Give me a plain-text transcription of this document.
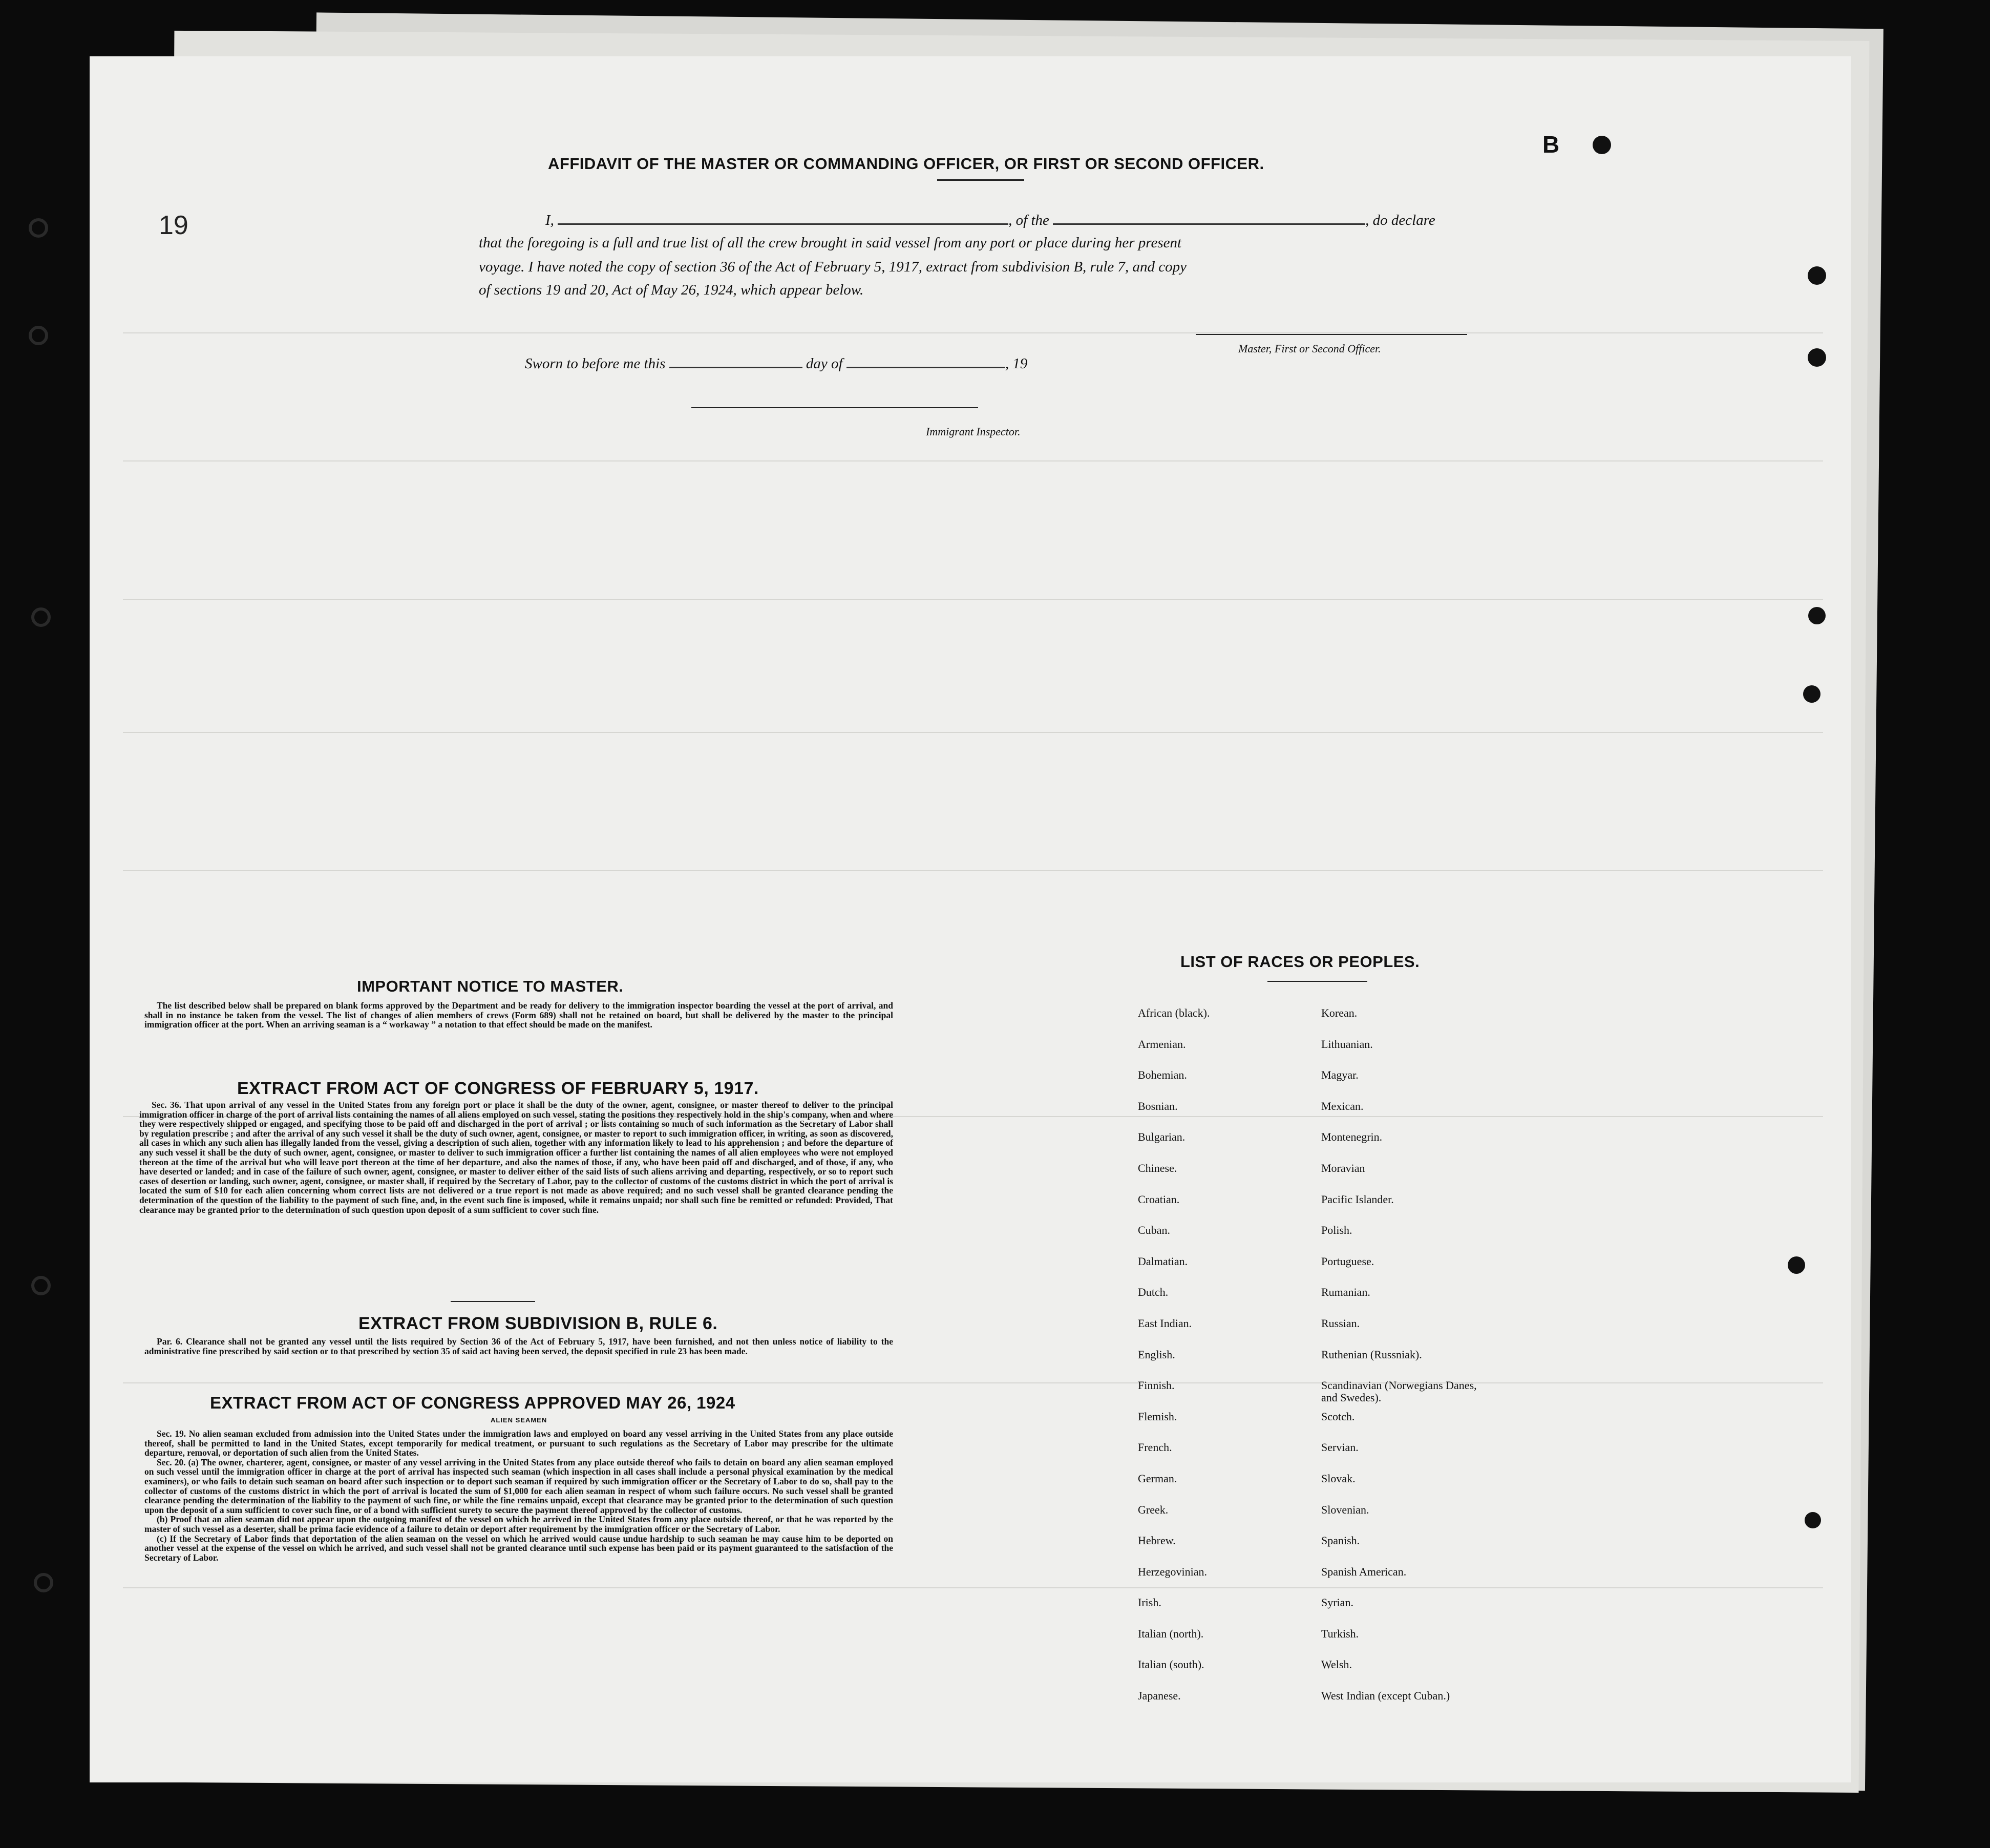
B
19
AFFIDAVIT OF THE MASTER OR COMMANDING OFFICER, OR FIRST OR SECOND OFFICER.
I,	, of the	, do declare
that the foregoing is a full and true list of all the crew brought in said vessel from any port or place during her present
voyage. I have noted the copy of section 36 of the Act of February 5, 1917, extract from subdivision B, rule 7, and copy
of sections 19 and 20, Act of May 26, 1924, which appear below.
Master, First or Second Officer.
Sworn to before me this	day of	, 19
Immigrant Inspector.
IMPORTANT NOTICE TO MASTER.

The list described below shall be prepared on blank forms approved by the Department and be ready for delivery to the immigration inspector boarding the vessel at the port of arrival, and shall in no instance be taken from the vessel. The list of changes of alien members of crews (Form 689) shall not be retained on board, but shall be delivered by the master to the principal immigration officer at the port. When an arriving seaman is a “ workaway ” a notation to that effect should be made on the manifest.

EXTRACT FROM ACT OF CONGRESS OF FEBRUARY 5, 1917.

Sec. 36. That upon arrival of any vessel in the United States from any foreign port or place it shall be the duty of the owner, agent, consignee, or master thereof to deliver to the principal immigration officer in charge of the port of arrival lists containing the names of all aliens employed on such vessel, stating the positions they respectively hold in the ship's company, when and where they were respectively shipped or engaged, and specifying those to be paid off and discharged in the port of arrival ; or lists containing so much of such information as the Secretary of Labor shall by regulation prescribe ; and after the arrival of any such vessel it shall be the duty of such owner, agent, consignee, or master to report to such immigration officer, in writing, as soon as discovered, all cases in which any such alien has illegally landed from the vessel, giving a description of such alien, together with any information likely to lead to his apprehension ; and before the departure of any such vessel it shall be the duty of such owner, agent, consignee, or master to deliver to such immigration officer a further list containing the names of all alien employees who were not employed thereon at the time of the arrival but who will leave port thereon at the time of her departure, and also the names of those, if any, who have been paid off and discharged, and of those, if any, who have deserted or landed; and in case of the failure of such owner, agent, consignee, or master to deliver either of the said lists of such aliens arriving and departing, respectively, or so to report such cases of desertion or landing, such owner, agent, consignee, or master shall, if required by the Secretary of Labor, pay to the collector of customs of the customs district in which the port of arrival is located the sum of $10 for each alien concerning whom correct lists are not delivered or a true report is not made as above required; and no such vessel shall be granted clearance pending the determination of the question of the liability to the payment of such fine, and, in the event such fine is imposed, while it remains unpaid; nor shall such fine be remitted or refunded: Provided, That clearance may be granted prior to the determination of such question upon deposit of a sum sufficient to cover such fine.

EXTRACT FROM SUBDIVISION B, RULE 6.

Par. 6. Clearance shall not be granted any vessel until the lists required by Section 36 of the Act of February 5, 1917, have been furnished, and not then unless notice of liability to the administrative fine prescribed by said section or to that prescribed by section 35 of said act having been served, the deposit specified in rule 23 has been made.

EXTRACT FROM ACT OF CONGRESS APPROVED MAY 26, 1924
ALIEN SEAMEN

Sec. 19. No alien seaman excluded from admission into the United States under the immigration laws and employed on board any vessel arriving in the United States from any place outside thereof, shall be permitted to land in the United States, except temporarily for medical treatment, or pursuant to such regulations as the Secretary of Labor may prescribe for the ultimate departure, removal, or deportation of such alien from the United States.

Sec. 20. (a) The owner, charterer, agent, consignee, or master of any vessel arriving in the United States from any place outside thereof who fails to detain on board any alien seaman employed on such vessel until the immigration officer in charge at the port of arrival has inspected such seaman (which inspection in all cases shall include a personal physical examination by the medical examiners), or who fails to detain such seaman on board after such inspection or to deport such seaman if required by such immigration officer or the Secretary of Labor to do so, shall pay to the collector of customs of the customs district in which the port of arrival is located the sum of $1,000 for each alien seaman in respect of whom such failure occurs. No such vessel shall be granted clearance pending the determination of the liability to the payment of such fine, or while the fine remains unpaid, except that clearance may be granted prior to the determination of such question upon the deposit of a sum sufficient to cover such fine, or of a bond with sufficient surety to secure the payment thereof approved by the collector of customs.

(b) Proof that an alien seaman did not appear upon the outgoing manifest of the vessel on which he arrived in the United States from any place outside thereof, or that he was reported by the master of such vessel as a deserter, shall be prima facie evidence of a failure to detain or deport after requirement by the immigration officer or the Secretary of Labor.

(c) If the Secretary of Labor finds that deportation of the alien seaman on the vessel on which he arrived would cause undue hardship to such seaman he may cause him to be deported on another vessel at the expense of the vessel on which he arrived, and such vessel shall not be granted clearance until such expense has been paid or its payment guaranteed to the satisfaction of the Secretary of Labor.

LIST OF RACES OR PEOPLES.
African (black).
Armenian.
Bohemian.
Bosnian.
Bulgarian.
Chinese.
Croatian.
Cuban.
Dalmatian.
Dutch.
East Indian.
English.
Finnish.
Flemish.
French.
German.
Greek.
Hebrew.
Herzegovinian.
Irish.
Italian (north).
Italian (south).
Japanese.
Korean.
Lithuanian.
Magyar.
Mexican.
Montenegrin.
Moravian
Pacific Islander.
Polish.
Portuguese.
Rumanian.
Russian.
Ruthenian (Russniak).
Scandinavian (Norwegians Danes, and Swedes).
Scotch.
Servian.
Slovak.
Slovenian.
Spanish.
Spanish American.
Syrian.
Turkish.
Welsh.
West Indian (except Cuban.)
